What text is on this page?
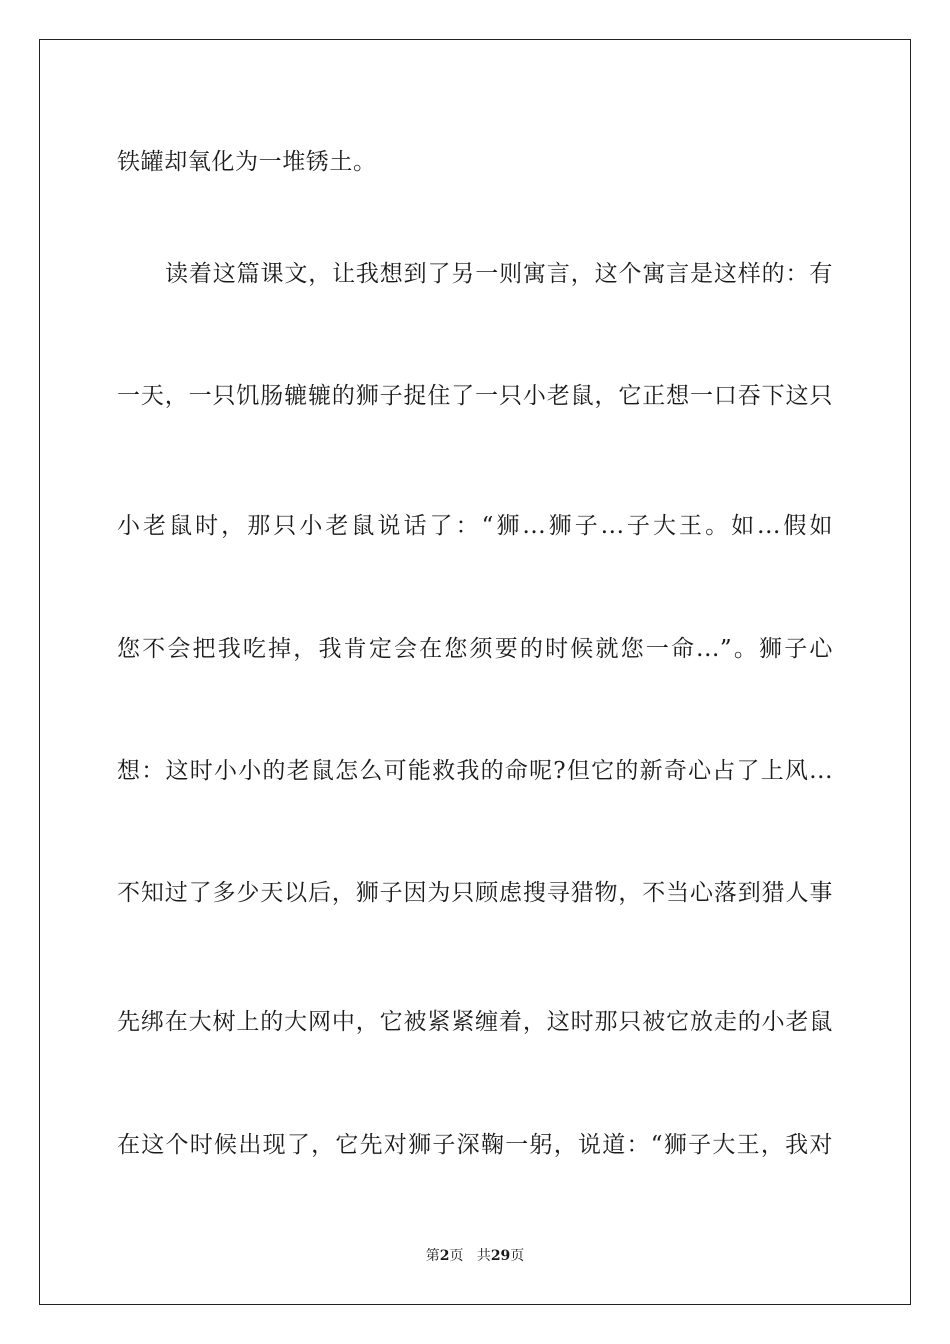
铁罐却氧化为一堆锈土。
读着这篇课文，让我想到了另一则寓言，这个寓言是这样的：有
一天，一只饥肠辘辘的狮子捉住了一只小老鼠，它正想一口吞下这只
小老鼠时，那只小老鼠说话了：“狮...狮子...子大王。如...假如
您不会把我吃掉，我肯定会在您须要的时候就您一命...”。狮子心
想：这时小小的老鼠怎么可能救我的命呢?但它的新奇心占了上风...
不知过了多少天以后，狮子因为只顾虑搜寻猎物，不当心落到猎人事
先绑在大树上的大网中，它被紧紧缠着，这时那只被它放走的小老鼠
在这个时候出现了，它先对狮子深鞠一躬，说道：“狮子大王，我对
第2页 共29页
